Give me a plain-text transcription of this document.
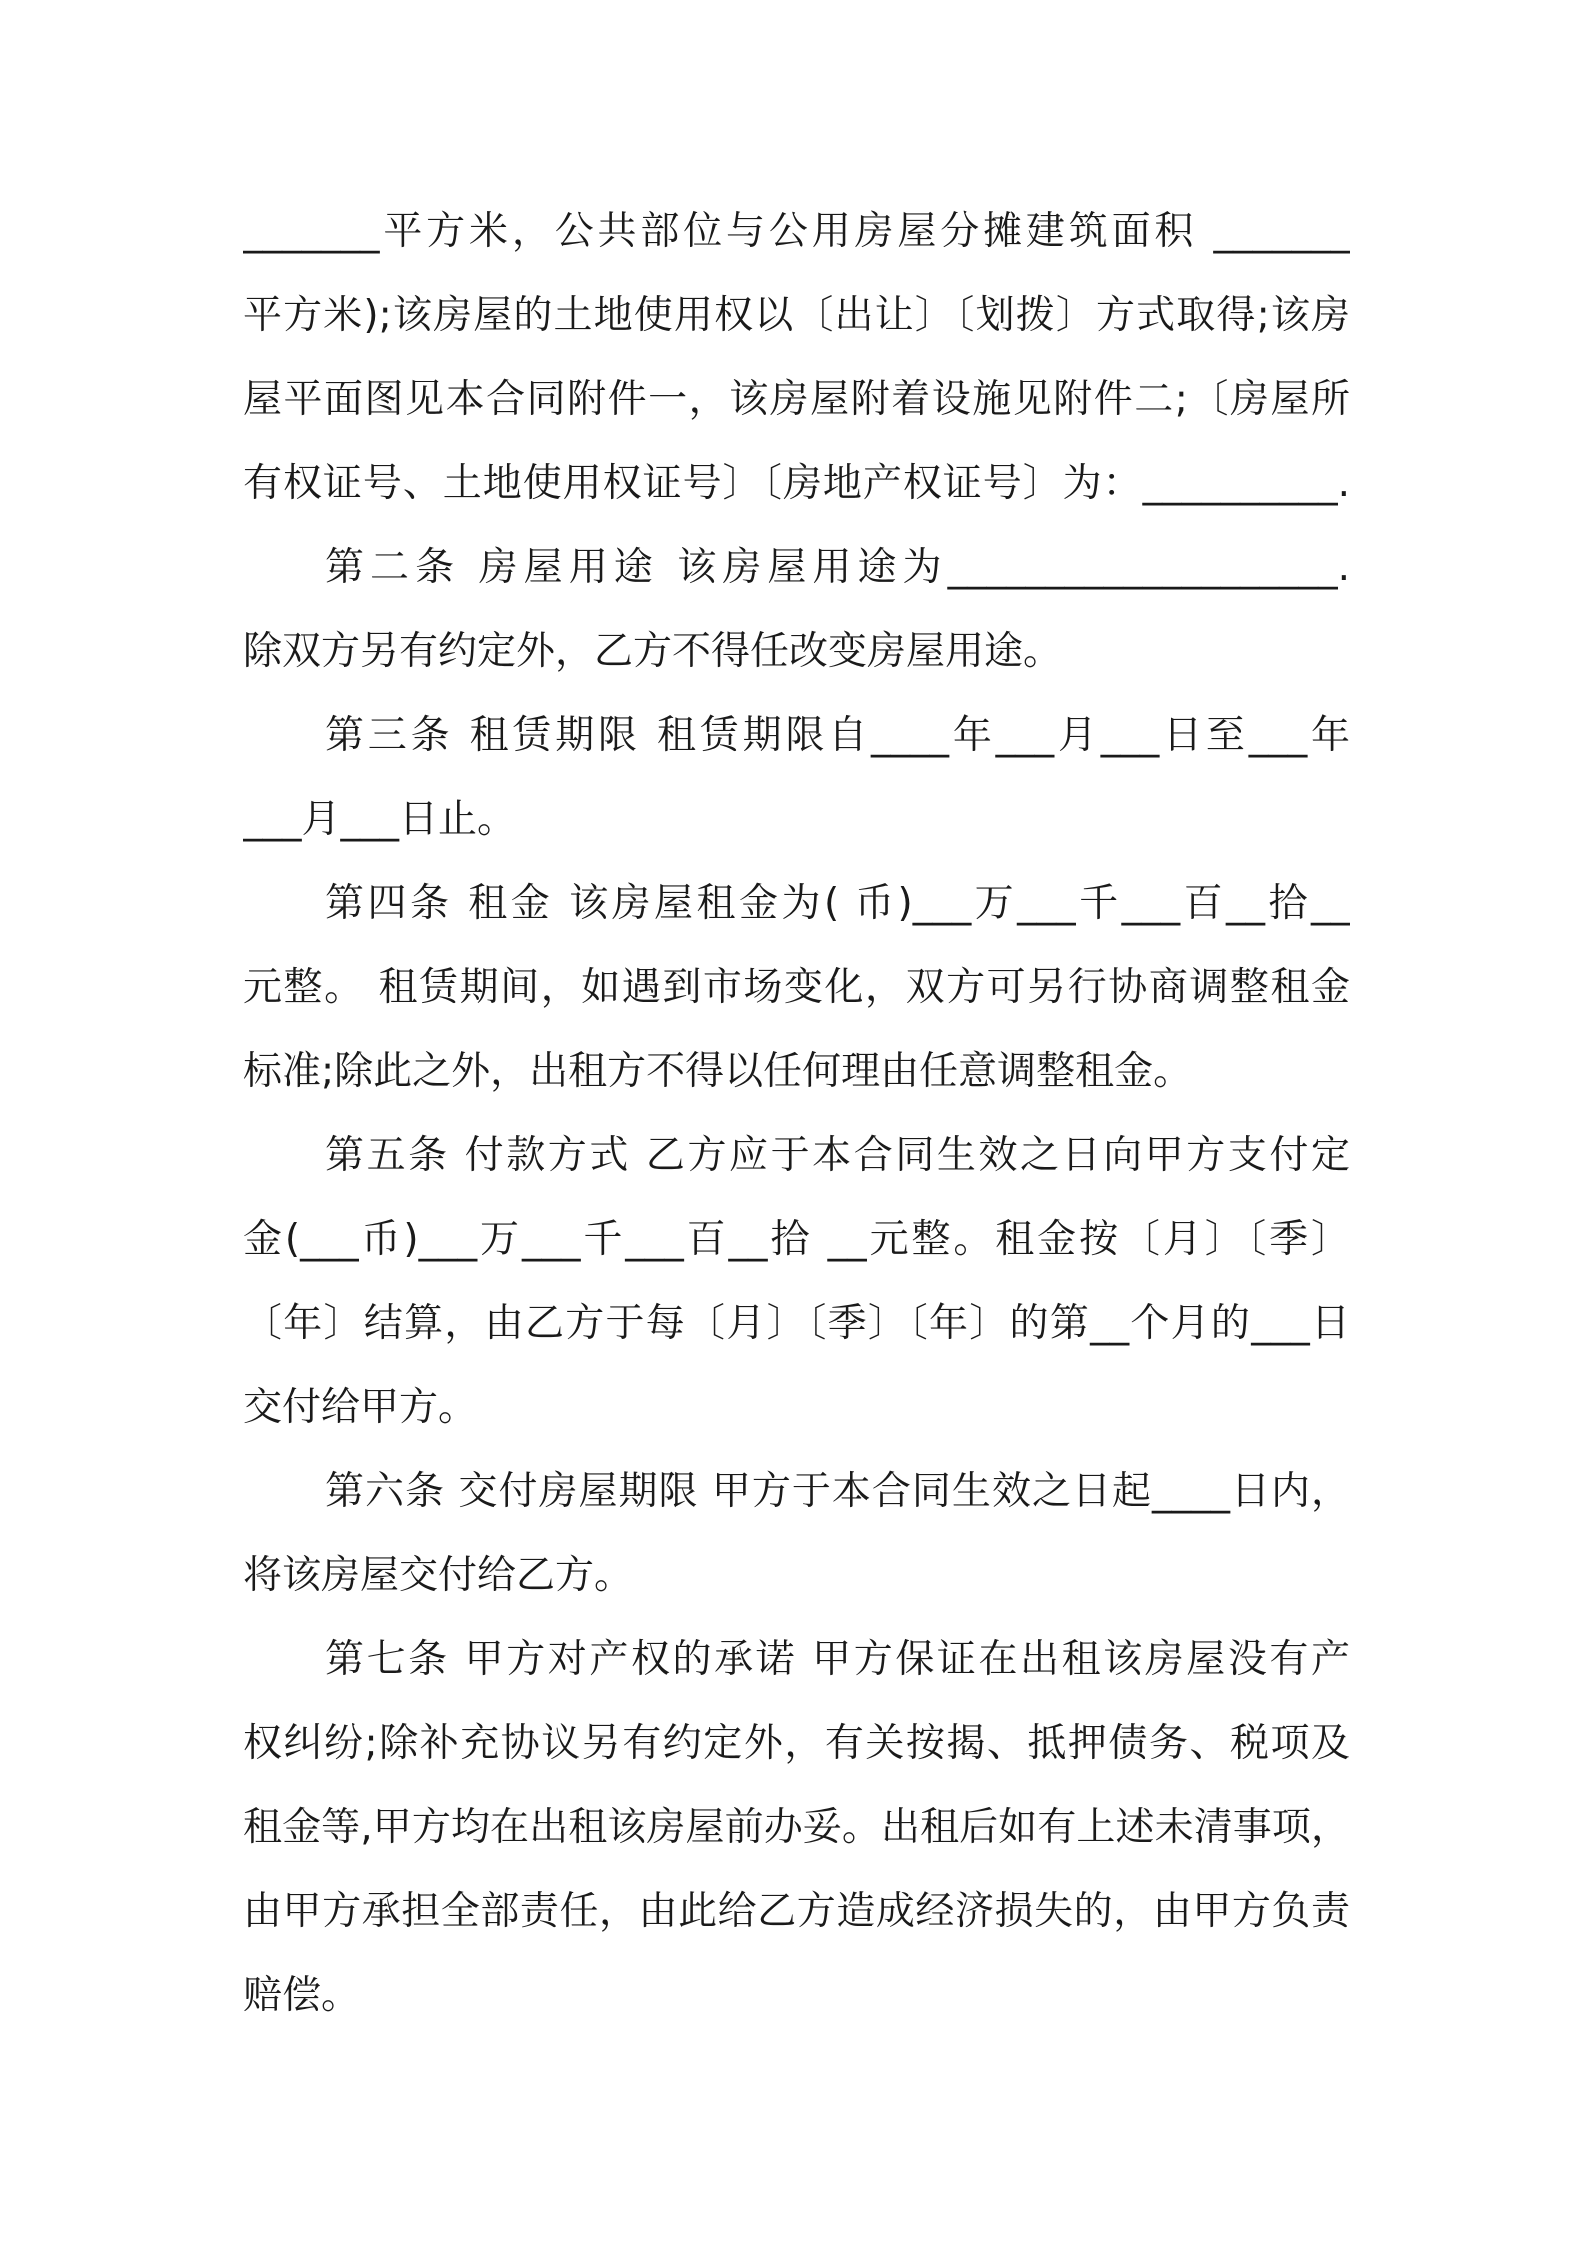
_______平方米，公共部位与公用房屋分摊建筑面积 _______
平方米);该房屋的土地使用权以〔出让〕〔划拨〕方式取得;该房
屋平面图见本合同附件一，该房屋附着设施见附件二;〔房屋所
有权证号、土地使用权证号〕〔房地产权证号〕为：__________.
第二条 房屋用途 该房屋用途为____________________.
除双方另有约定外，乙方不得任改变房屋用途。
第三条 租赁期限 租赁期限自____年___月___日至___年
___月___日止。
第四条 租金 该房屋租金为( 币)___万___千___百__拾__
元整。 租赁期间，如遇到市场变化，双方可另行协商调整租金
标准;除此之外，出租方不得以任何理由任意调整租金。
第五条 付款方式 乙方应于本合同生效之日向甲方支付定
金(___币)___万___千___百__拾 __元整。租金按〔月〕〔季〕
〔年〕结算，由乙方于每〔月〕〔季〕〔年〕的第__个月的___日
交付给甲方。
第六条 交付房屋期限 甲方于本合同生效之日起____日内，
将该房屋交付给乙方。
第七条 甲方对产权的承诺 甲方保证在出租该房屋没有产
权纠纷;除补充协议另有约定外，有关按揭、抵押债务、税项及
租金等,甲方均在出租该房屋前办妥。出租后如有上述未清事项，
由甲方承担全部责任，由此给乙方造成经济损失的，由甲方负责
赔偿。
